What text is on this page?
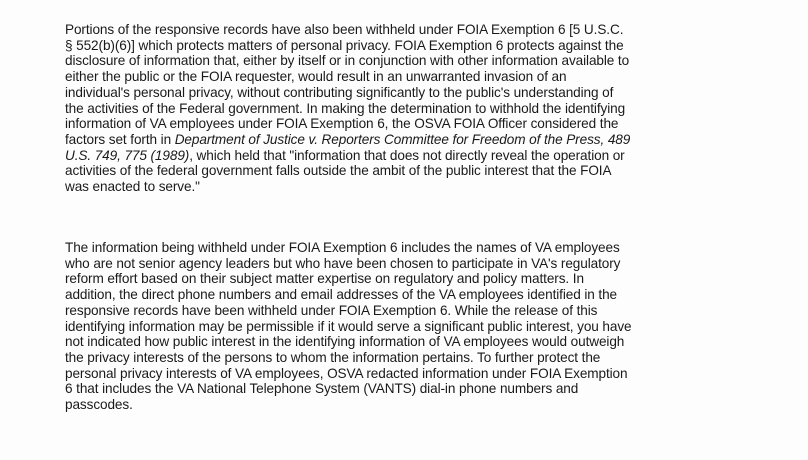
Portions of the responsive records have also been withheld under FOIA Exemption 6 [5 U.S.C.
§ 552(b)(6)] which protects matters of personal privacy. FOIA Exemption 6 protects against the
disclosure of information that, either by itself or in conjunction with other information available to
either the public or the FOIA requester, would result in an unwarranted invasion of an
individual's personal privacy, without contributing significantly to the public's understanding of
the activities of the Federal government. In making the determination to withhold the identifying
information of VA employees under FOIA Exemption 6, the OSVA FOIA Officer considered the
factors set forth in Department of Justice v. Reporters Committee for Freedom of the Press, 489
U.S. 749, 775 (1989), which held that "information that does not directly reveal the operation or
activities of the federal government falls outside the ambit of the public interest that the FOIA
was enacted to serve."
The information being withheld under FOIA Exemption 6 includes the names of VA employees
who are not senior agency leaders but who have been chosen to participate in VA's regulatory
reform effort based on their subject matter expertise on regulatory and policy matters. In
addition, the direct phone numbers and email addresses of the VA employees identified in the
responsive records have been withheld under FOIA Exemption 6. While the release of this
identifying information may be permissible if it would serve a significant public interest, you have
not indicated how public interest in the identifying information of VA employees would outweigh
the privacy interests of the persons to whom the information pertains. To further protect the
personal privacy interests of VA employees, OSVA redacted information under FOIA Exemption
6 that includes the VA National Telephone System (VANTS) dial-in phone numbers and
passcodes.
